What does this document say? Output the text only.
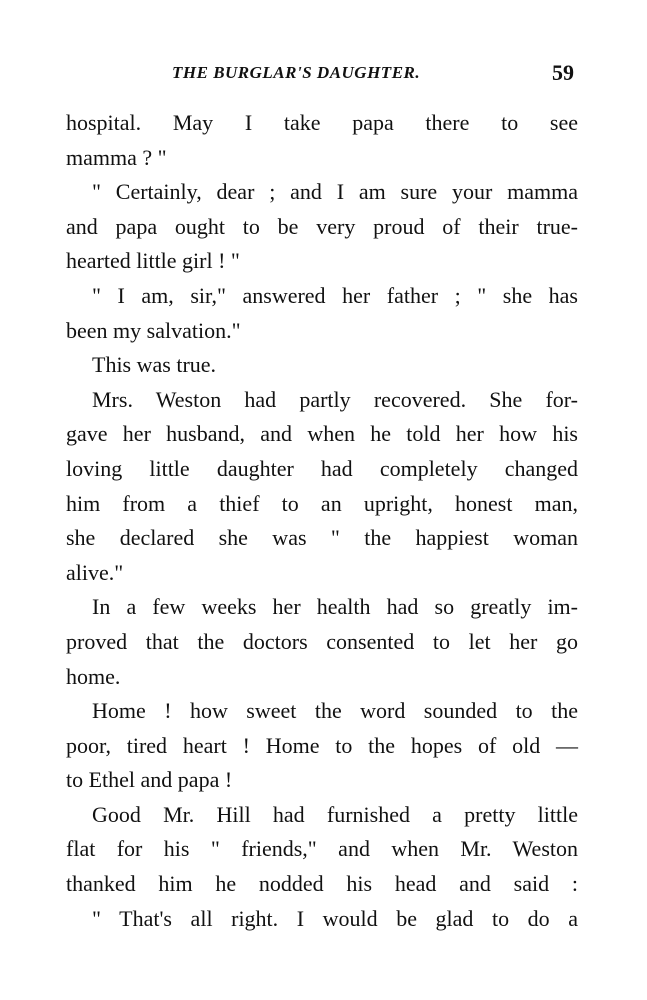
THE BURGLAR'S DAUGHTER.	59
hospital. May I take papa there to see
mamma ? "
" Certainly, dear ; and I am sure your mamma
and papa ought to be very proud of their true-
hearted little girl ! "
" I am, sir," answered her father ; " she has
been my salvation."
This was true.
Mrs. Weston had partly recovered. She for-
gave her husband, and when he told her how his
loving little daughter had completely changed
him from a thief to an upright, honest man,
she declared she was " the happiest woman
alive."
In a few weeks her health had so greatly im-
proved that the doctors consented to let her go
home.
Home ! how sweet the word sounded to the
poor, tired heart ! Home to the hopes of old —
to Ethel and papa !
Good Mr. Hill had furnished a pretty little
flat for his " friends," and when Mr. Weston
thanked him he nodded his head and said :
" That's all right. I would be glad to do a
